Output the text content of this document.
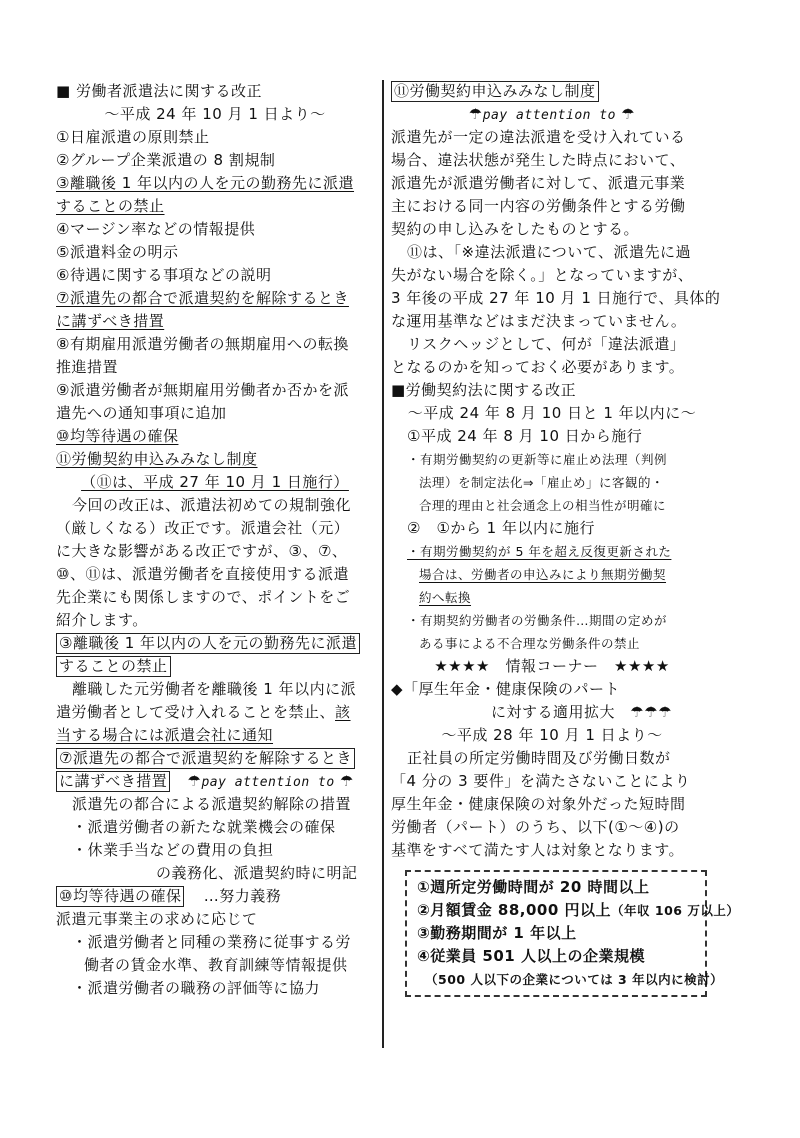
■ 労働者派遣法に関する改正
～平成 24 年 10 月 1 日より～
①日雇派遣の原則禁止
②グループ企業派遣の 8 割規制
③離職後 1 年以内の人を元の勤務先に派遣
することの禁止
④マージン率などの情報提供
⑤派遣料金の明示
⑥待遇に関する事項などの説明
⑦派遣先の都合で派遣契約を解除するとき
に講ずべき措置
⑧有期雇用派遣労働者の無期雇用への転換
推進措置
⑨派遣労働者が無期雇用労働者か否かを派
遣先への通知事項に追加
⑩均等待遇の確保
⑪労働契約申込みみなし制度
（⑪は、平成 27 年 10 月 1 日施行）
今回の改正は、派遣法初めての規制強化
（厳しくなる）改正です。派遣会社（元）
に大きな影響がある改正ですが、③、⑦、
⑩、⑪は、派遣労働者を直接使用する派遣
先企業にも関係しますので、ポイントをご
紹介します。
③離職後 1 年以内の人を元の勤務先に派遣
することの禁止
離職した元労働者を離職後 1 年以内に派
遣労働者として受け入れることを禁止、該
当する場合には派遣会社に通知
⑦派遣先の都合で派遣契約を解除するとき
に講ずべき措置 ☂pay attention to ☂
派遣先の都合による派遣契約解除の措置
・派遣労働者の新たな就業機会の確保
・休業手当などの費用の負担
の義務化、派遣契約時に明記
⑩均等待遇の確保 …努力義務
派遣元事業主の求めに応じて
・派遣労働者と同種の業務に従事する労
働者の賃金水準、教育訓練等情報提供
・派遣労働者の職務の評価等に協力
⑪労働契約申込みみなし制度
☂pay attention to ☂
派遣先が一定の違法派遣を受け入れている
場合、違法状態が発生した時点において、
派遣先が派遣労働者に対して、派遣元事業
主における同一内容の労働条件とする労働
契約の申し込みをしたものとする。
⑪は、「※違法派遣について、派遣先に過
失がない場合を除く。」となっていますが、
3 年後の平成 27 年 10 月 1 日施行で、具体的
な運用基準などはまだ決まっていません。
リスクヘッジとして、何が「違法派遣」
となるのかを知っておく必要があります。
■労働契約法に関する改正
～平成 24 年 8 月 10 日と 1 年以内に～
①平成 24 年 8 月 10 日から施行
・有期労働契約の更新等に雇止め法理（判例
法理）を制定法化⇒「雇止め」に客観的・
合理的理由と社会通念上の相当性が明確に
②　①から 1 年以内に施行
・有期労働契約が 5 年を超え反復更新された
場合は、労働者の申込みにより無期労働契
約へ転換
・有期契約労働者の労働条件…期間の定めが
ある事による不合理な労働条件の禁止
★★★★　情報コーナー　★★★★
◆「厚生年金・健康保険のパート
に対する適用拡大 ☂☂☂
～平成 28 年 10 月 1 日より～
正社員の所定労働時間及び労働日数が
「4 分の 3 要件」を満たさないことにより
厚生年金・健康保険の対象外だった短時間
労働者（パート）のうち、以下(①～④)の
基準をすべて満たす人は対象となります。
①週所定労働時間が 20 時間以上
②月額賃金 88,000 円以上（年収 106 万以上）
③勤務期間が 1 年以上
④従業員 501 人以上の企業規模
（500 人以下の企業については 3 年以内に検討）
